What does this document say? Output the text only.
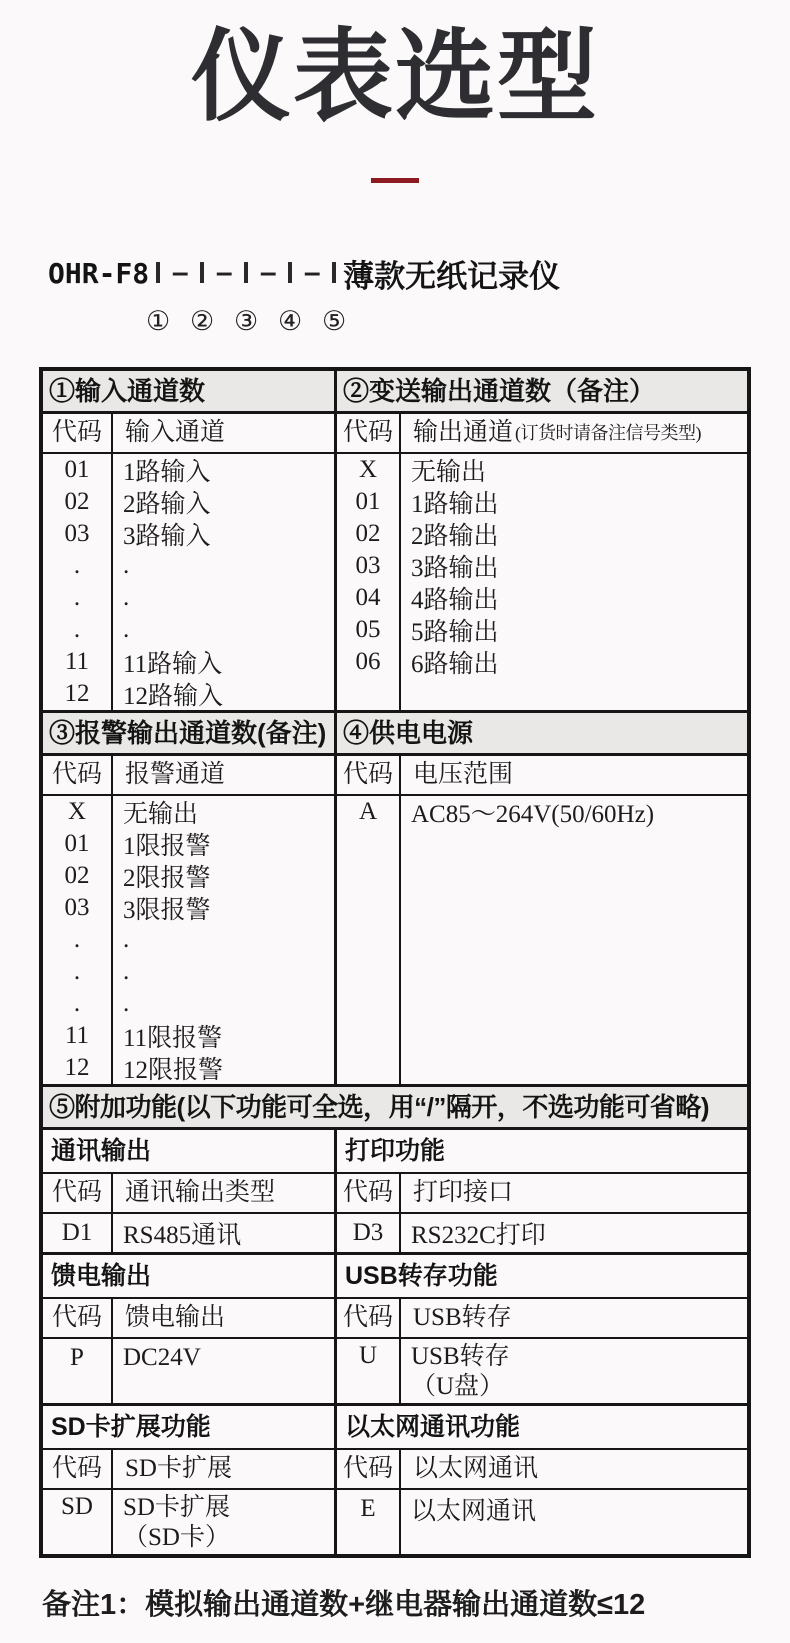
仪表选型
OHR-F8
①
–
②
–
③
–
④
–
⑤
薄款无纸记录仪
①输入通道数	②变送输出通道数（备注）
代码 输入通道
01	1路输入
02	2路输入
03	3路输入
.	.
.	.
.	.
11	11路输入
12	12路输入
代码 输出通道 (订货时请备注信号类型)
X	无输出
01	1路输出
02	2路输出
03	3路输出
04	4路输出
05	5路输出
06	6路输出
③报警输出通道数(备注) ④供电电源
代码 报警通道
X	无输出
01	1限报警
02	2限报警
03	3限报警
.	.
.	.
.	.
11	11限报警
12	12限报警
代码 电压范围
A	AC85～264V(50/60Hz)
⑤附加功能(以下功能可全选，用“/”隔开，不选功能可省略)
通讯输出
代码 通讯输出类型
D1	RS485通讯
打印功能
代码 打印接口
D3	RS232C打印
馈电输出
代码 馈电输出
P	DC24V
USB转存功能
代码 USB转存
U	USB转存
（U盘）
SD卡扩展功能
代码 SD卡扩展
SD	SD卡扩展
（SD卡）
以太网通讯功能
代码 以太网通讯
E	以太网通讯
备注1：模拟输出通道数+继电器输出通道数≤12
